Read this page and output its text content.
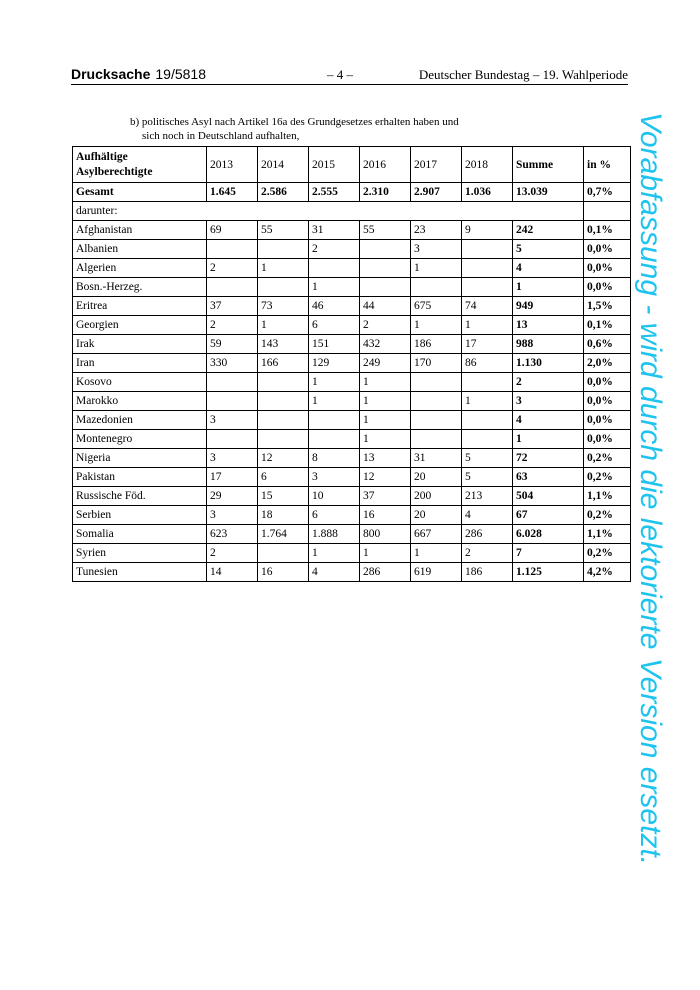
Drucksache 19/5818	– 4 –	Deutscher Bundestag – 19. Wahlperiode
b) politisches Asyl nach Artikel 16a des Grundgesetzes erhalten haben und
sich noch in Deutschland aufhalten,
Aufhältige
Asylberechtigte	2013	2014	2015	2016	2017	2018	Summe	in %
Gesamt	1.645	2.586	2.555	2.310	2.907	1.036	13.039	0,7%
darunter:								
Afghanistan	69	55	31	55	23	9	242	0,1%
Albanien			2		3		5	0,0%
Algerien	2	1			1		4	0,0%
Bosn.-Herzeg.			1				1	0,0%
Eritrea	37	73	46	44	675	74	949	1,5%
Georgien	2	1	6	2	1	1	13	0,1%
Irak	59	143	151	432	186	17	988	0,6%
Iran	330	166	129	249	170	86	1.130	2,0%
Kosovo			1	1			2	0,0%
Marokko			1	1		1	3	0,0%
Mazedonien	3			1			4	0,0%
Montenegro				1			1	0,0%
Nigeria	3	12	8	13	31	5	72	0,2%
Pakistan	17	6	3	12	20	5	63	0,2%
Russische Föd.	29	15	10	37	200	213	504	1,1%
Serbien	3	18	6	16	20	4	67	0,2%
Somalia	623	1.764	1.888	800	667	286	6.028	1,1%
Syrien	2		1	1	1	2	7	0,2%
Tunesien	14	16	4	286	619	186	1.125	4,2% Vorabfassung - wird durch die lektorierte Version ersetzt.
